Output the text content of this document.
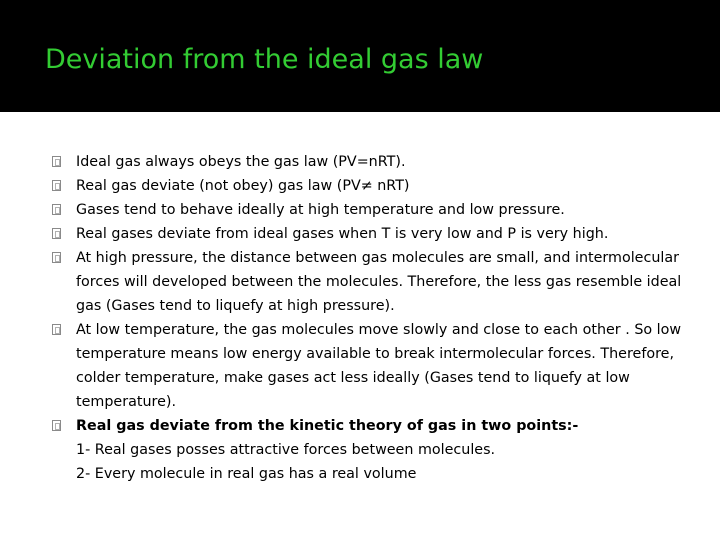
Deviation from the ideal gas law
Ideal gas always obeys the gas law (PV=nRT).
Real gas deviate (not obey) gas law (PV≠ nRT)
Gases tend to behave ideally at high temperature and low pressure.
Real gases deviate from ideal gases when T is very low and P is very high.
At high pressure, the distance between gas molecules are small, and intermolecular forces will developed between the molecules. Therefore, the less gas resemble ideal gas (Gases tend to liquefy at high pressure).
At low temperature, the gas molecules move slowly and close to each other . So low temperature means low energy available to break intermolecular forces. Therefore, colder temperature, make gases act less ideally (Gases tend to liquefy at low temperature).
Real gas deviate from the kinetic theory of gas in two points:-
1- Real gases posses attractive forces between molecules.
2- Every molecule in real gas has a real volume
